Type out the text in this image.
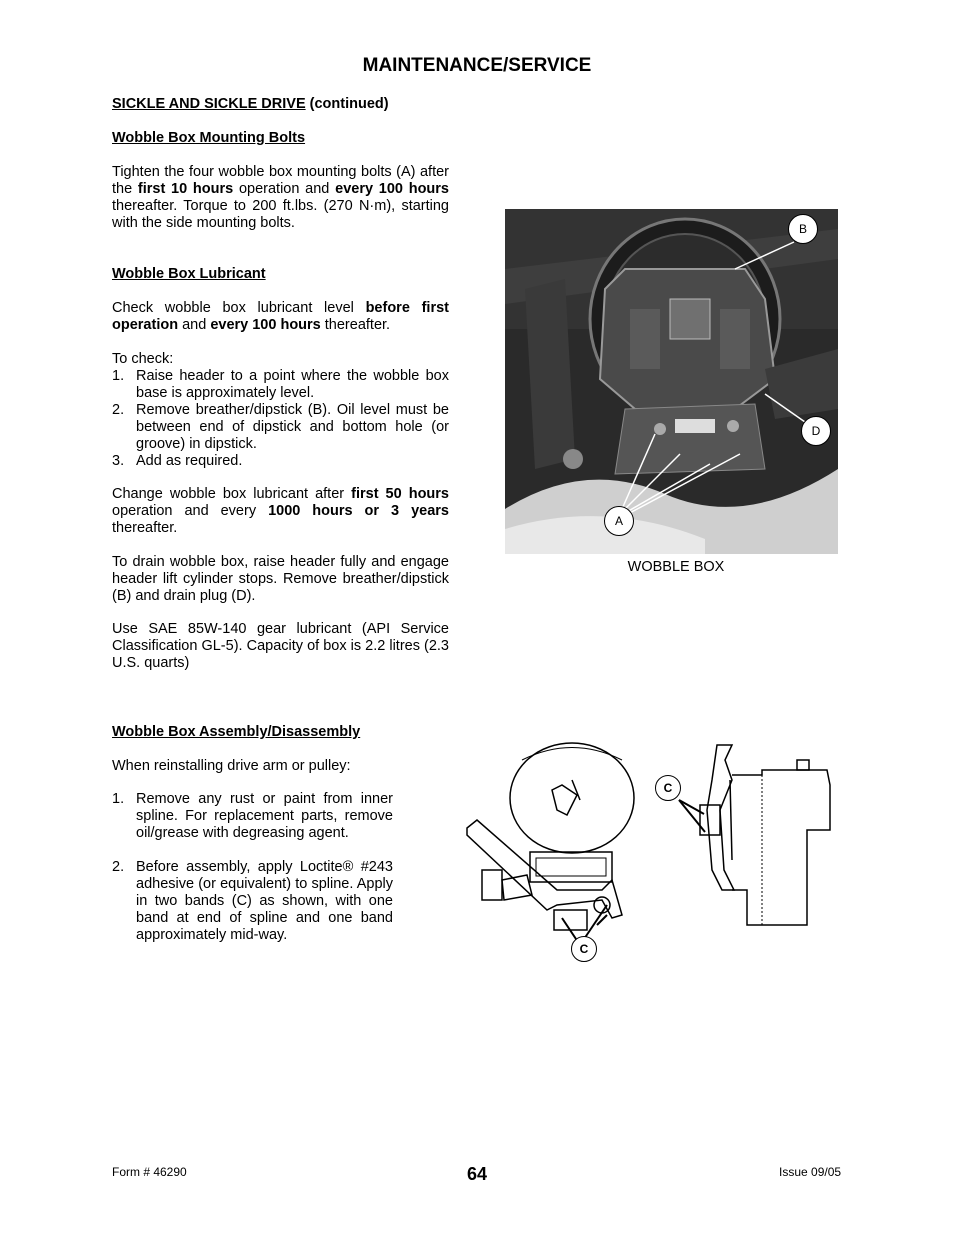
MAINTENANCE/SERVICE
SICKLE AND SICKLE DRIVE (continued)
Wobble Box Mounting Bolts
Tighten the four wobble box mounting bolts (A) after the first 10 hours operation and every 100 hours thereafter. Torque to 200 ft.lbs. (270 N·m), starting with the side mounting bolts.
Wobble Box Lubricant
Check wobble box lubricant level before first operation and every 100 hours thereafter.
To check:
1. Raise header to a point where the wobble box base is approximately level.
2. Remove breather/dipstick (B). Oil level must be between end of dipstick and bottom hole (or groove) in dipstick.
3. Add as required.
Change wobble box lubricant after first 50 hours operation and every 1000 hours or 3 years thereafter.
To drain wobble box, raise header fully and engage header lift cylinder stops. Remove breather/dipstick (B) and drain plug (D).
Use SAE 85W-140 gear lubricant (API Service Classification GL-5). Capacity of box is 2.2 litres (2.3 U.S. quarts)
B
D
A
WOBBLE BOX
Wobble Box Assembly/Disassembly
When reinstalling drive arm or pulley:
1. Remove any rust or paint from inner spline. For replacement parts, remove oil/grease with degreasing agent.
2. Before assembly, apply Loctite® #243 adhesive (or equivalent) to spline. Apply in two bands (C) as shown, with one band at end of spline and one band approximately mid-way.
C
C
Form # 46290	64	Issue 09/05
